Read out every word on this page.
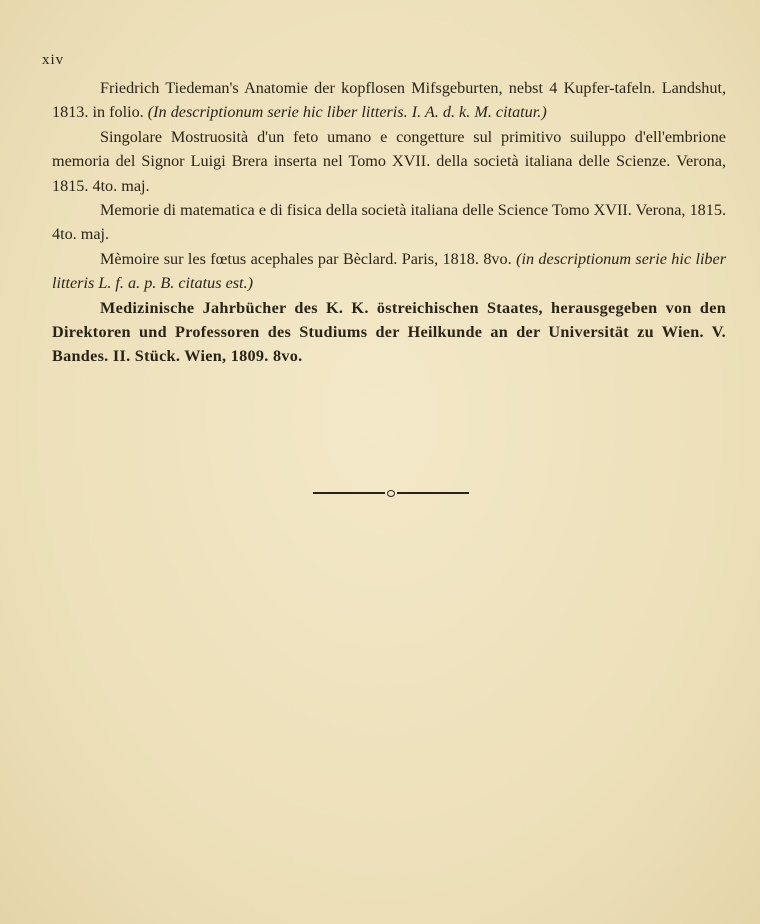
xiv

Friedrich Tiedeman's Anatomie der kopflosen Mifsgeburten, nebst 4 Kupfer-tafeln. Landshut, 1813. in folio. (In descriptionum serie hic liber litteris. I. A. d. k. M. citatur.)

Singolare Mostruosità d'un feto umano e congetture sul primitivo suiluppo d'ell'embrione memoria del Signor Luigi Brera inserta nel Tomo XVII. della società italiana delle Scienze. Verona, 1815. 4to. maj.

Memorie di matematica e di fisica della società italiana delle Science Tomo XVII. Verona, 1815. 4to. maj.

Mèmoire sur les fœtus acephales par Bèclard. Paris, 1818. 8vo. (in descriptionum serie hic liber litteris L. f. a. p. B. citatus est.)

Medizinische Jahrbücher des K. K. östreichischen Staates, herausgegeben von den Direktoren und Professoren des Studiums der Heilkunde an der Universität zu Wien. V. Bandes. II. Stück. Wien, 1809. 8vo.
